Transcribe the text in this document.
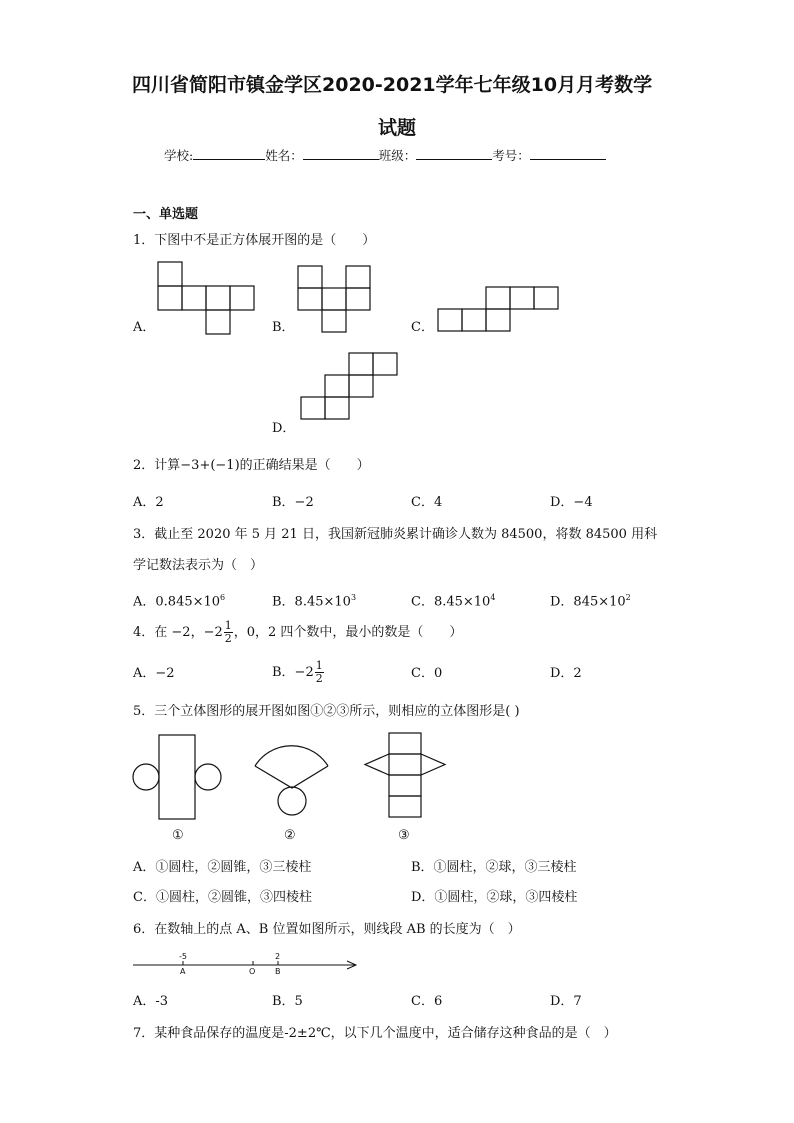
四川省简阳市镇金学区2020-2021学年七年级10月月考数学
试题
学校:	姓名：	班级：	考号：
一、单选题
1．下图中不是正方体展开图的是（　　）
A．	B．	C．
D．
2．计算−3+(−1)的正确结果是（　　）
A．2	B．−2	C．4	D．−4
3．截止至 2020 年 5 月 21 日，我国新冠肺炎累计确诊人数为 84500，将数 84500 用科
学记数法表示为（　）
A．$0.845\times 10^6$	B．$8.45\times 10^3$	C．$8.45\times 10^4$	D．$845\times 10^2$
4．在 −2，$-2 \frac{1}{2}$ ，0，2 四个数中，最小的数是（　　）
A．−2	B．$-2 \frac{1}{2}$	C．0	D．2
5．三个立体图形的展开图如图①②③所示，则相应的立体图形是( )
①	②	③
A．①圆柱，②圆锥，③三棱柱	B．①圆柱，②球，③三棱柱
C．①圆柱，②圆锥，③四棱柱	D．①圆柱，②球，③四棱柱
6．在数轴上的点 A、B 位置如图所示，则线段 AB 的长度为（　）
-5
A	O
2
B
A．-3	B．5	C．6	D．7
7．某种食品保存的温度是-2±2℃，以下几个温度中，适合储存这种食品的是（　）
